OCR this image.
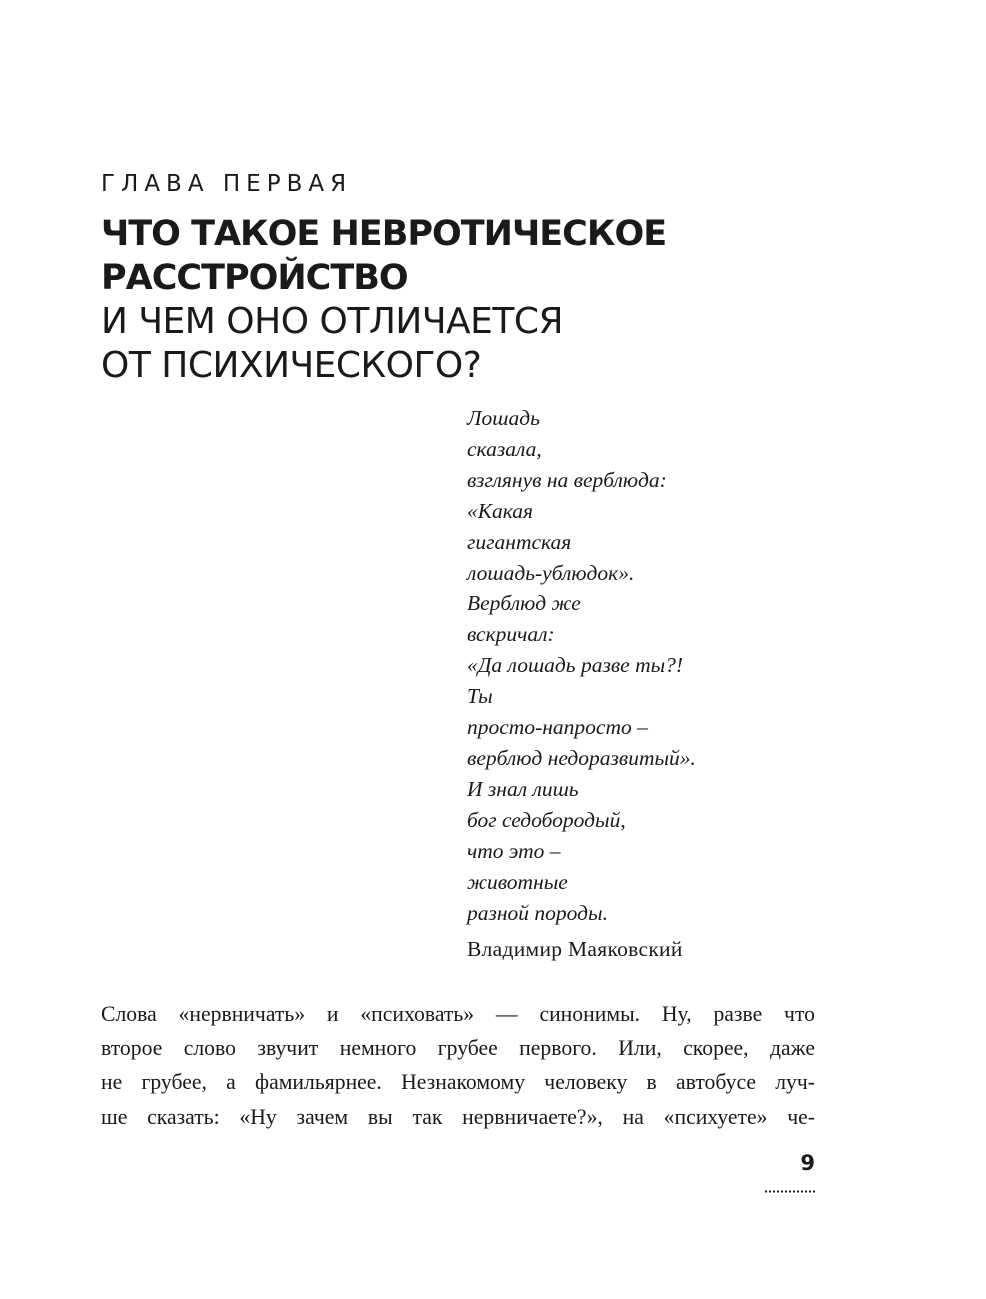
ГЛАВА ПЕРВАЯ
ЧТО ТАКОЕ НЕВРОТИЧЕСКОЕ
РАССТРОЙСТВО
И ЧЕМ ОНО ОТЛИЧАЕТСЯ
ОТ ПСИХИЧЕСКОГО?
Лошадь
сказала,
взглянув на верблюда:
«Какая
гигантская
лошадь-ублюдок».
Верблюд же
вскричал:
«Да лошадь разве ты?!
Ты
просто-напросто –
верблюд недоразвитый».
И знал лишь
бог седобородый,
что это –
животные
разной породы.
Владимир Маяковский
Слова «нервничать» и «психовать» — синонимы. Ну, разве что
второе слово звучит немного грубее первого. Или, скорее, даже
не грубее, а фамильярнее. Незнакомому человеку в автобусе луч-
ше сказать: «Ну зачем вы так нервничаете?», на «психуете» че-
9
